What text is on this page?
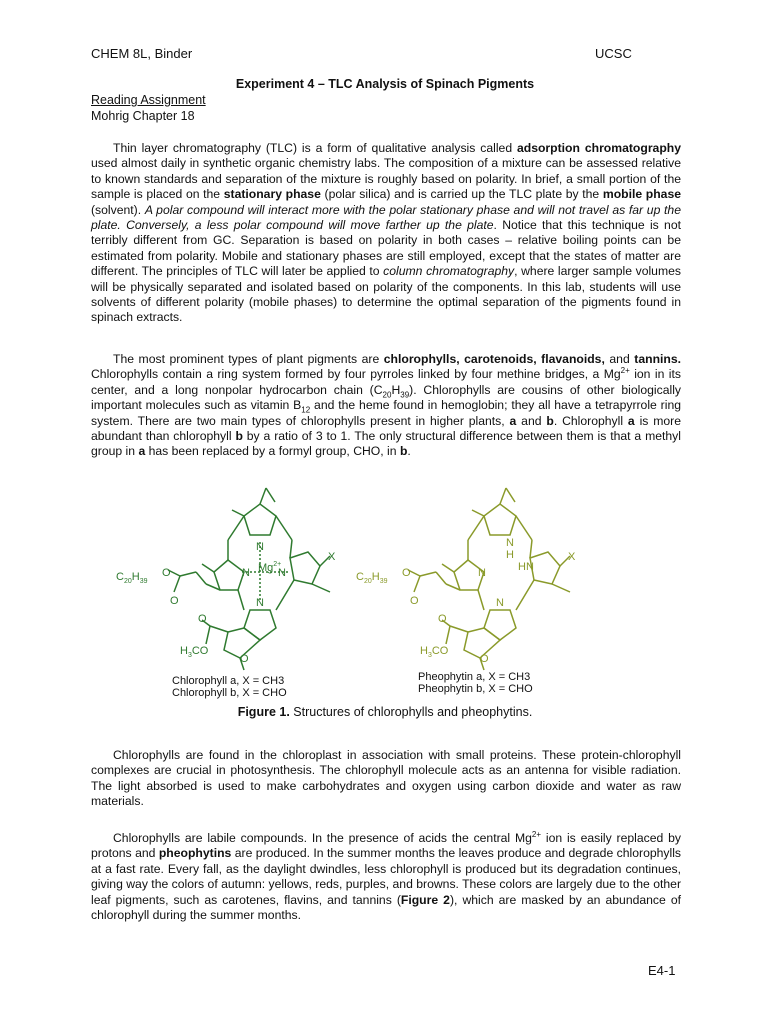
CHEM 8L, Binder	UCSC
Experiment 4 – TLC Analysis of Spinach Pigments
Reading Assignment
Mohrig Chapter 18

Thin layer chromatography (TLC) is a form of qualitative analysis called adsorption chromatography used almost daily in synthetic organic chemistry labs. The composition of a mixture can be assessed relative to known standards and separation of the mixture is roughly based on polarity. In brief, a small portion of the sample is placed on the stationary phase (polar silica) and is carried up the TLC plate by the mobile phase (solvent). A polar compound will interact more with the polar stationary phase and will not travel as far up the plate. Conversely, a less polar compound will move farther up the plate. Notice that this technique is not terribly different from GC. Separation is based on polarity in both cases – relative boiling points can be estimated from polarity. Mobile and stationary phases are still employed, except that the states of matter are different. The principles of TLC will later be applied to column chromatography, where larger sample volumes will be physically separated and isolated based on polarity of the components. In this lab, students will use solvents of different polarity (mobile phases) to determine the optimal separation of the pigments found in spinach extracts.

The most prominent types of plant pigments are chlorophylls, carotenoids, flavanoids, and tannins. Chlorophylls contain a ring system formed by four pyrroles linked by four methine bridges, a $Mg^{2+}$ ion in its center, and a long nonpolar hydrocarbon chain $(C_{20}H_{39})$. Chlorophylls are cousins of other biologically important molecules such as vitamin $B_{12}$ and the heme found in hemoglobin; they all have a tetrapyrrole ring system. There are two main types of chlorophylls present in higher plants, a and b. Chlorophyll a is more abundant than chlorophyll b by a ratio of 3 to 1. The only structural difference between them is that a methyl group in a has been replaced by a formyl group, CHO, in b.

N
N	N
N
$Mg^{2+}$
X
$C_{20}H_{39}$
O
O
O
$H_3CO$
O
N
H
N	HN
N
X
$C_{20}H_{39}$
O
O
O
$H_3CO$
O
Chlorophyll a, X = CH3
Chlorophyll b, X = CHO
Pheophytin a, X = CH3
Pheophytin b, X = CHO
Figure 1. Structures of chlorophylls and pheophytins.

Chlorophylls are found in the chloroplast in association with small proteins. These protein-chlorophyll complexes are crucial in photosynthesis. The chlorophyll molecule acts as an antenna for visible radiation. The light absorbed is used to make carbohydrates and oxygen using carbon dioxide and water as raw materials.

Chlorophylls are labile compounds. In the presence of acids the central $Mg^{2+}$ ion is easily replaced by protons and pheophytins are produced. In the summer months the leaves produce and degrade chlorophylls at a fast rate. Every fall, as the daylight dwindles, less chlorophyll is produced but its degradation continues, giving way the colors of autumn: yellows, reds, purples, and browns. These colors are largely due to the other leaf pigments, such as carotenes, flavins, and tannins (Figure 2), which are masked by an abundance of chlorophyll during the summer months.

E4-1
